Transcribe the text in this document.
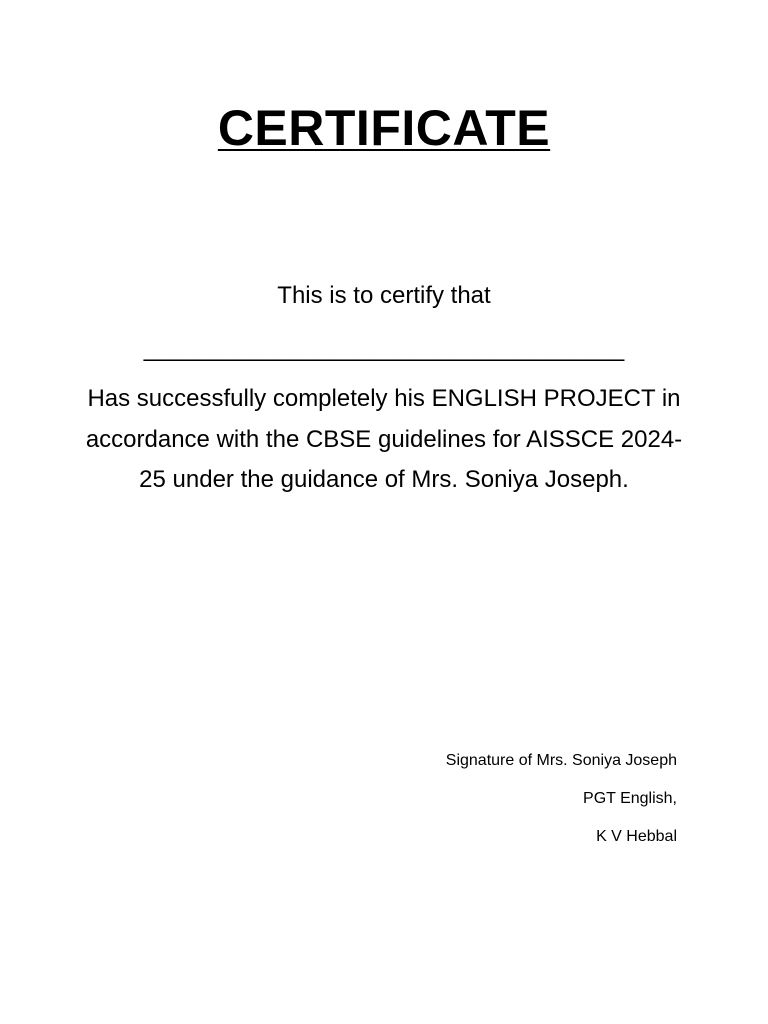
CERTIFICATE
This is to certify that
____________________________________
Has successfully completely his ENGLISH PROJECT in accordance with the CBSE guidelines for AISSCE 2024-25 under the guidance of Mrs. Soniya Joseph.
Signature of Mrs. Soniya Joseph
PGT English,
K V Hebbal
